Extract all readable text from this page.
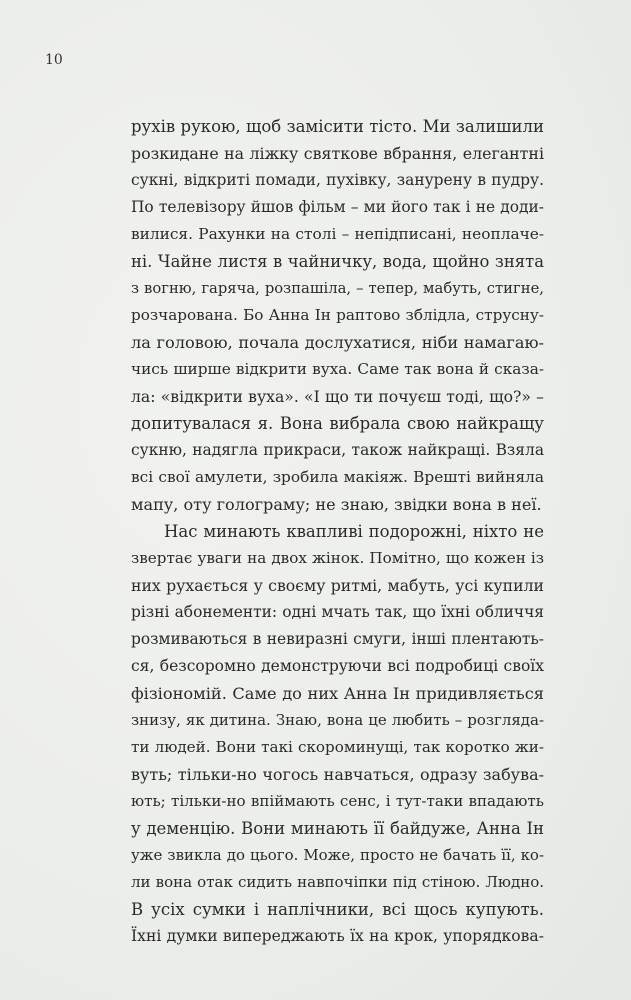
10
рухів рукою, щоб замісити тісто. Ми залишили
розкидане на ліжку святкове вбрання, елегантні
сукні, відкриті помади, пухівку, занурену в пудру.
По телевізору йшов фільм – ми його так і не доди-
вилися. Рахунки на столі – непідписані, неоплаче-
ні. Чайне листя в чайничку, вода, щойно знята
з вогню, гаряча, розпашіла, – тепер, мабуть, стигне,
розчарована. Бо Анна Ін раптово зблідла, струсну-
ла головою, почала дослухатися, ніби намагаю-
чись ширше відкрити вуха. Саме так вона й сказа-
ла: «відкрити вуха». «І що ти почуєш тоді, що?» –
допитувалася я. Вона вибрала свою найкращу
сукню, надягла прикраси, також найкращі. Взяла
всі свої амулети, зробила макіяж. Врешті вийняла
мапу, оту голограму; не знаю, звідки вона в неї.
Нас минають квапливі подорожні, ніхто не
звертає уваги на двох жінок. Помітно, що кожен із
них рухається у своєму ритмі, мабуть, усі купили
різні абонементи: одні мчать так, що їхні обличчя
розмиваються в невиразні смуги, інші плентають-
ся, безсоромно демонструючи всі подробиці своїх
фізіономій. Саме до них Анна Ін придивляється
знизу, як дитина. Знаю, вона це любить – розгляда-
ти людей. Вони такі скороминущі, так коротко жи-
вуть; тільки-но чогось навчаться, одразу забува-
ють; тільки-но впіймають сенс, і тут-таки впадають
у деменцію. Вони минають її байдуже, Анна Ін
уже звикла до цього. Може, просто не бачать її, ко-
ли вона отак сидить навпочіпки під стіною. Людно.
В усіх сумки і наплічники, всі щось купують.
Їхні думки випереджають їх на крок, упорядкова-
